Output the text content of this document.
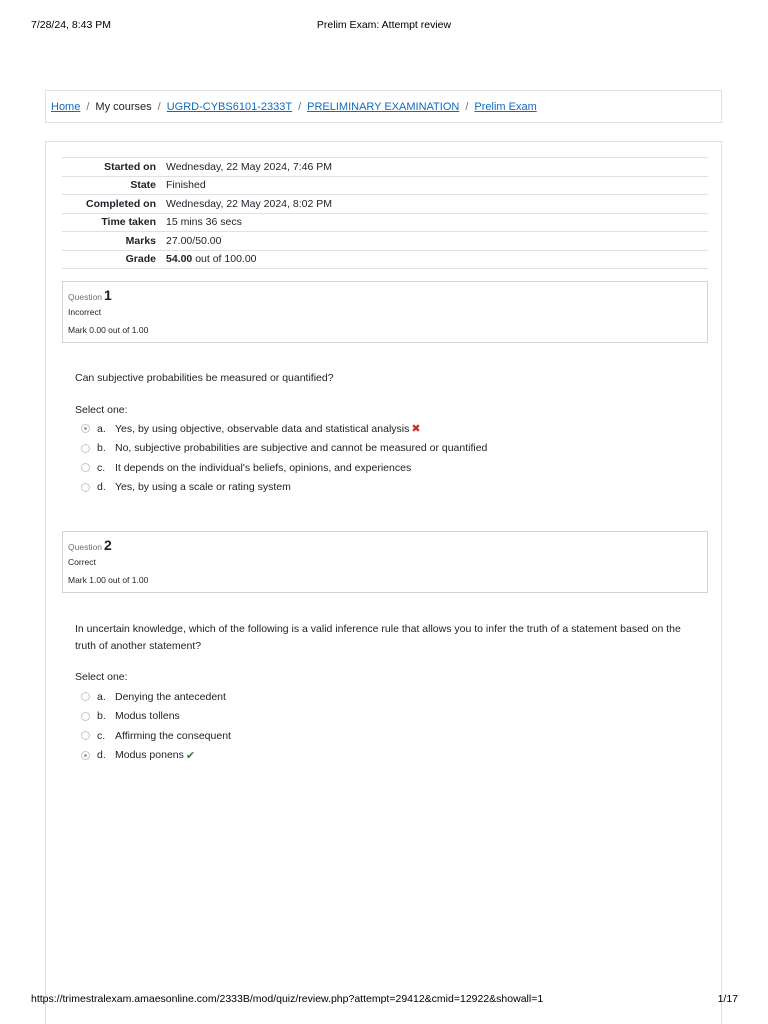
7/28/24, 8:43 PM	Prelim Exam: Attempt review
Home / My courses / UGRD-CYBS6101-2333T / PRELIMINARY EXAMINATION / Prelim Exam
Started on	Wednesday, 22 May 2024, 7:46 PM
State	Finished
Completed on	Wednesday, 22 May 2024, 8:02 PM
Time taken	15 mins 36 secs
Marks	27.00/50.00
Grade	54.00 out of 100.00
Question 1
Incorrect
Mark 0.00 out of 1.00
Can subjective probabilities be measured or quantified?
Select one:
a. Yes, by using objective, observable data and statistical analysis ✖
b. No, subjective probabilities are subjective and cannot be measured or quantified
c. It depends on the individual's beliefs, opinions, and experiences
d. Yes, by using a scale or rating system
Question 2
Correct
Mark 1.00 out of 1.00
In uncertain knowledge, which of the following is a valid inference rule that allows you to infer the truth of a statement based on the truth of another statement?
Select one:
a. Denying the antecedent
b. Modus tollens
c. Affirming the consequent
d. Modus ponens ✔
https://trimestralexam.amaesonline.com/2333B/mod/quiz/review.php?attempt=29412&cmid=12922&showall=1	1/17
